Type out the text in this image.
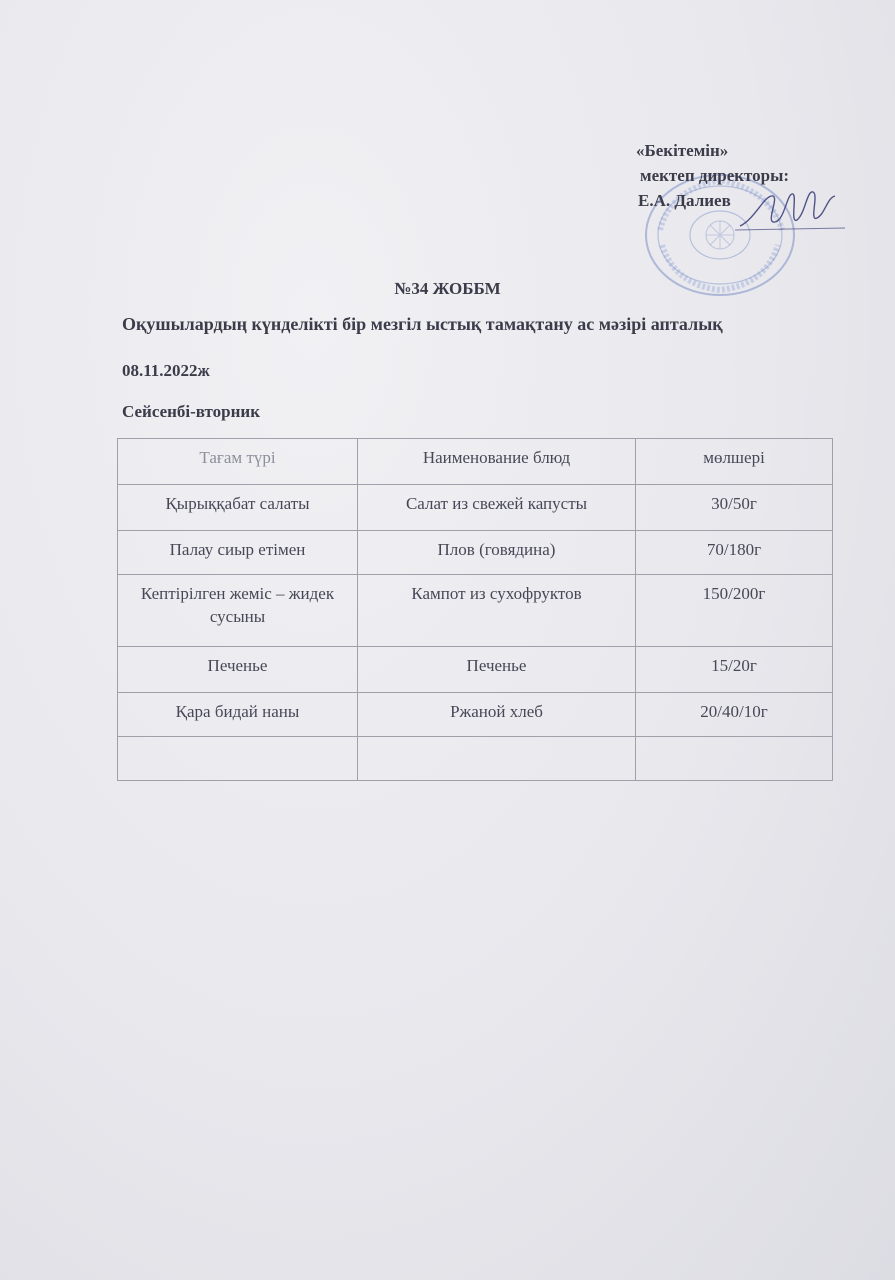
«Бекітемін»
мектеп директоры:
Е.А. Далиев
№34 ЖОББМ
Оқушылардың күнделікті бір мезгіл ыстық тамақтану ас мәзірі апталық
08.11.2022ж
Сейсенбі-вторник
Тағам түрі	Наименование блюд	мөлшері
Қырыққабат салаты	Салат из свежей капусты	30/50г
Палау сиыр етімен	Плов (говядина)	70/180г
Кептірілген жеміс – жидек сусыны	Кампот из сухофруктов	150/200г
Печенье	Печенье	15/20г
Қара бидай наны	Ржаной хлеб	20/40/10г
